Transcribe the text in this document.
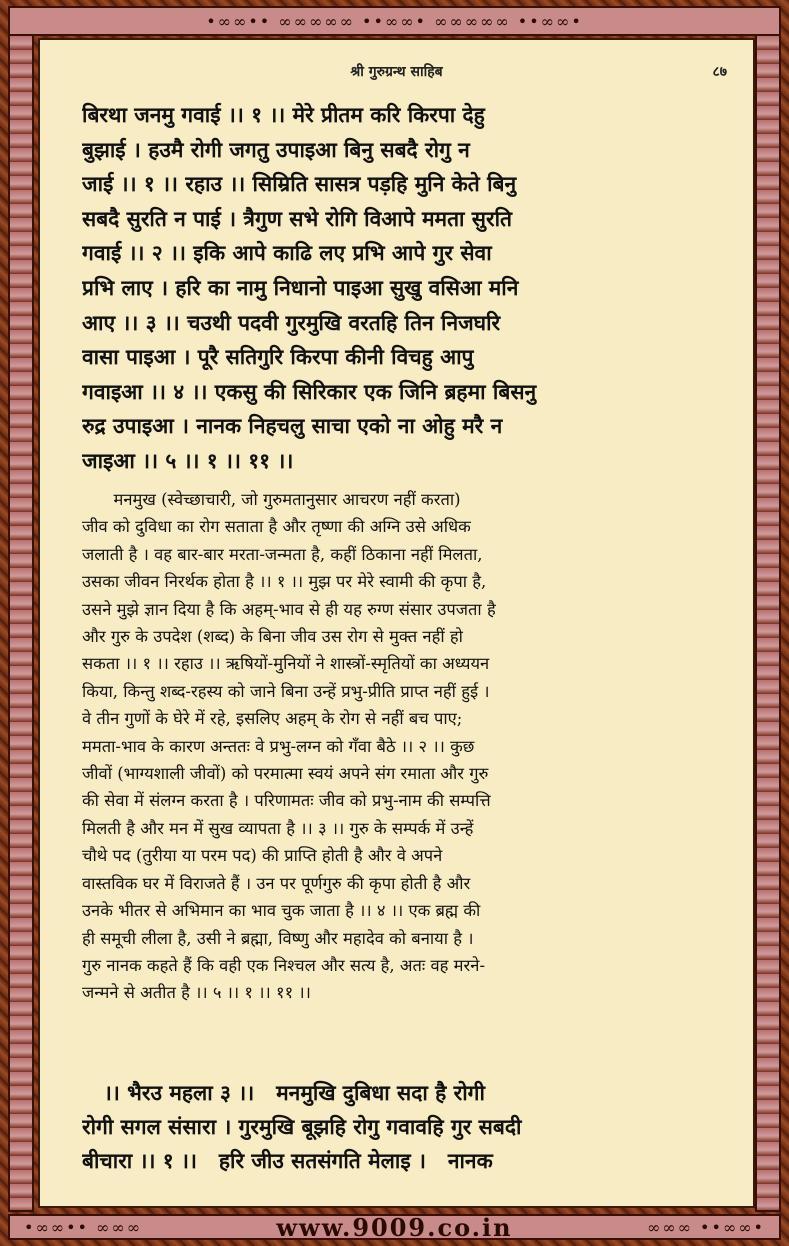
•∞∞•• ∞∞∞∞∞ ••∞∞• ∞∞∞∞∞ ••∞∞•
श्री गुरुग्रन्थ साहिब	८७
बिरथा जनमु गवाई ।। १ ।। मेरे प्रीतम करि किरपा देहु
बुझाई । हउमै रोगी जगतु उपाइआ बिनु सबदै रोगु न
जाई ।। १ ।। रहाउ ।। सिम्रिति सासत्र पड़हि मुनि केते बिनु
सबदै सुरति न पाई । त्रैगुण सभे रोगि विआपे ममता सुरति
गवाई ।। २ ।। इकि आपे काढि लए प्रभि आपे गुर सेवा
प्रभि लाए । हरि का नामु निधानो पाइआ सुखु वसिआ मनि
आए ।। ३ ।। चउथी पदवी गुरमुखि वरतहि तिन निजघरि
वासा पाइआ । पूरै सतिगुरि किरपा कीनी विचहु आपु
गवाइआ ।। ४ ।। एकसु की सिरिकार एक जिनि ब्रहमा बिसनु
रुद्र उपाइआ । नानक निहचलु साचा एको ना ओहु मरै न
जाइआ ।। ५ ।। १ ।। ११ ।।
मनमुख (स्वेच्छाचारी, जो गुरुमतानुसार आचरण नहीं करता)
जीव को दुविधा का रोग सताता है और तृष्णा की अग्नि उसे अधिक
जलाती है । वह बार-बार मरता-जन्मता है, कहीं ठिकाना नहीं मिलता,
उसका जीवन निरर्थक होता है ।। १ ।। मुझ पर मेरे स्वामी की कृपा है,
उसने मुझे ज्ञान दिया है कि अहम्-भाव से ही यह रुग्ण संसार उपजता है
और गुरु के उपदेश (शब्द) के बिना जीव उस रोग से मुक्त नहीं हो
सकता ।। १ ।। रहाउ ।। ऋषियों-मुनियों ने शास्त्रों-स्मृतियों का अध्ययन
किया, किन्तु शब्द-रहस्य को जाने बिना उन्हें प्रभु-प्रीति प्राप्त नहीं हुई ।
वे तीन गुणों के घेरे में रहे, इसलिए अहम् के रोग से नहीं बच पाए;
ममता-भाव के कारण अन्ततः वे प्रभु-लग्न को गँवा बैठे ।। २ ।। कुछ
जीवों (भाग्यशाली जीवों) को परमात्मा स्वयं अपने संग रमाता और गुरु
की सेवा में संलग्न करता है । परिणामतः जीव को प्रभु-नाम की सम्पत्ति
मिलती है और मन में सुख व्यापता है ।। ३ ।। गुरु के सम्पर्क में उन्हें
चौथे पद (तुरीया या परम पद) की प्राप्ति होती है और वे अपने
वास्तविक घर में विराजते हैं । उन पर पूर्णगुरु की कृपा होती है और
उनके भीतर से अभिमान का भाव चुक जाता है ।। ४ ।। एक ब्रह्म की
ही समूची लीला है, उसी ने ब्रह्मा, विष्णु और महादेव को बनाया है ।
गुरु नानक कहते हैं कि वही एक निश्चल और सत्य है, अतः वह मरने-
जन्मने से अतीत है ।। ५ ।। १ ।। ११ ।।
।। भैरउ महला ३ ।।   मनमुखि दुबिधा सदा है रोगी
रोगी सगल संसारा । गुरमुखि बूझहि रोगु गवावहि गुर सबदी
बीचारा ।। १ ।।   हरि जीउ सतसंगति मेलाइ ।   नानक
•∞∞•• ∞∞∞	www.9009.co.in	∞∞∞ ••∞∞•
